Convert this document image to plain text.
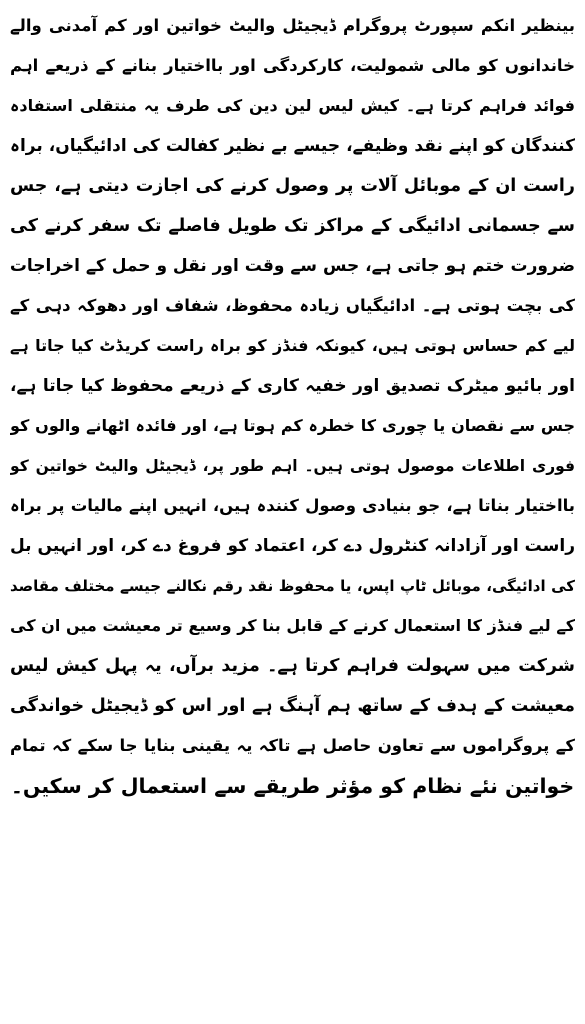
بینظیر انکم سپورٹ پروگرام ڈیجیٹل والیٹ خواتین اور کم آمدنی والے
خاندانوں کو مالی شمولیت، کارکردگی اور بااختیار بنانے کے ذریعے اہم
فوائد فراہم کرتا ہے۔ کیش لیس لین دین کی طرف یہ منتقلی استفادہ
کنندگان کو اپنے نقد وظیفے، جیسے بے نظیر کفالت کی ادائیگیاں، براہ
راست ان کے موبائل آلات پر وصول کرنے کی اجازت دیتی ہے، جس
سے جسمانی ادائیگی کے مراکز تک طویل فاصلے تک سفر کرنے کی
ضرورت ختم ہو جاتی ہے، جس سے وقت اور نقل و حمل کے اخراجات
کی بچت ہوتی ہے۔ ادائیگیاں زیادہ محفوظ، شفاف اور دھوکہ دہی کے
لیے کم حساس ہوتی ہیں، کیونکہ فنڈز کو براہ راست کریڈٹ کیا جاتا ہے
اور بائیو میٹرک تصدیق اور خفیہ کاری کے ذریعے محفوظ کیا جاتا ہے،
جس سے نقصان یا چوری کا خطرہ کم ہوتا ہے، اور فائدہ اٹھانے والوں کو
فوری اطلاعات موصول ہوتی ہیں۔ اہم طور پر، ڈیجیٹل والیٹ خواتین کو
بااختیار بناتا ہے، جو بنیادی وصول کنندہ ہیں، انہیں اپنے مالیات پر براہ
راست اور آزادانہ کنٹرول دے کر، اعتماد کو فروغ دے کر، اور انہیں بل
کی ادائیگی، موبائل ٹاپ اپس، یا محفوظ نقد رقم نکالنے جیسے مختلف مقاصد
کے لیے فنڈز کا استعمال کرنے کے قابل بنا کر وسیع تر معیشت میں ان کی
شرکت میں سہولت فراہم کرتا ہے۔ مزید برآں، یہ پہل کیش لیس
معیشت کے ہدف کے ساتھ ہم آہنگ ہے اور اس کو ڈیجیٹل خواندگی
کے پروگراموں سے تعاون حاصل ہے تاکہ یہ یقینی بنایا جا سکے کہ تمام
خواتین نئے نظام کو مؤثر طریقے سے استعمال کر سکیں۔
